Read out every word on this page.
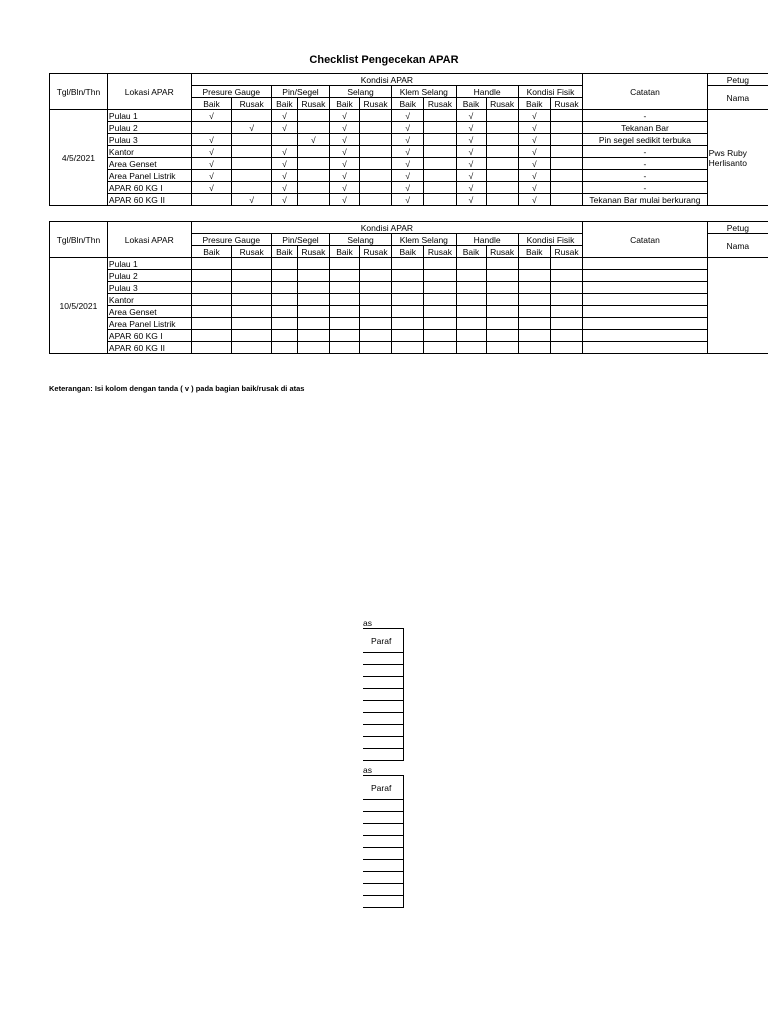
Checklist Pengecekan APAR
Tgl/Bln/Thn	Lokasi APAR	Kondisi APAR												Catatan	Petug
		Presure Gauge		Pin/Segel		Selang		Klem Selang		Handle		Kondisi Fisik			Nama
		Baik	Rusak	Baik	Rusak	Baik	Rusak	Baik	Rusak	Baik	Rusak	Baik	Rusak		
4/5/2021	Pulau 1	√		√		√		√		√		√		-	Pws Ruby
Herlisanto

	Pulau 2		√	√		√		√		√		√		Tekanan Bar	
	Pulau 3	√			√	√		√		√		√		Pin segel sedikit terbuka	
	Kantor	√		√		√		√		√		√		-	
	Area Genset	√		√		√		√		√		√		-	
	Area Panel Listrik	√		√		√		√		√		√		-	
	APAR 60 KG I	√		√		√		√		√		√		-	
	APAR 60 KG II		√	√		√		√		√		√		Tekanan Bar mulai berkurang	
Tgl/Bln/Thn	Lokasi APAR	Kondisi APAR												Catatan	Petug
		Presure Gauge		Pin/Segel		Selang		Klem Selang		Handle		Kondisi Fisik			Nama
		Baik	Rusak	Baik	Rusak	Baik	Rusak	Baik	Rusak	Baik	Rusak	Baik	Rusak		
10/5/2021	Pulau 1														
	Pulau 2														
	Pulau 3														
	Kantor														
	Area Genset														
	Area Panel Listrik														
	APAR 60 KG I														
	APAR 60 KG II														
Keterangan: Isi kolom dengan tanda ( v ) pada bagian baik/rusak di atas
as
Paraf

as
Paraf
